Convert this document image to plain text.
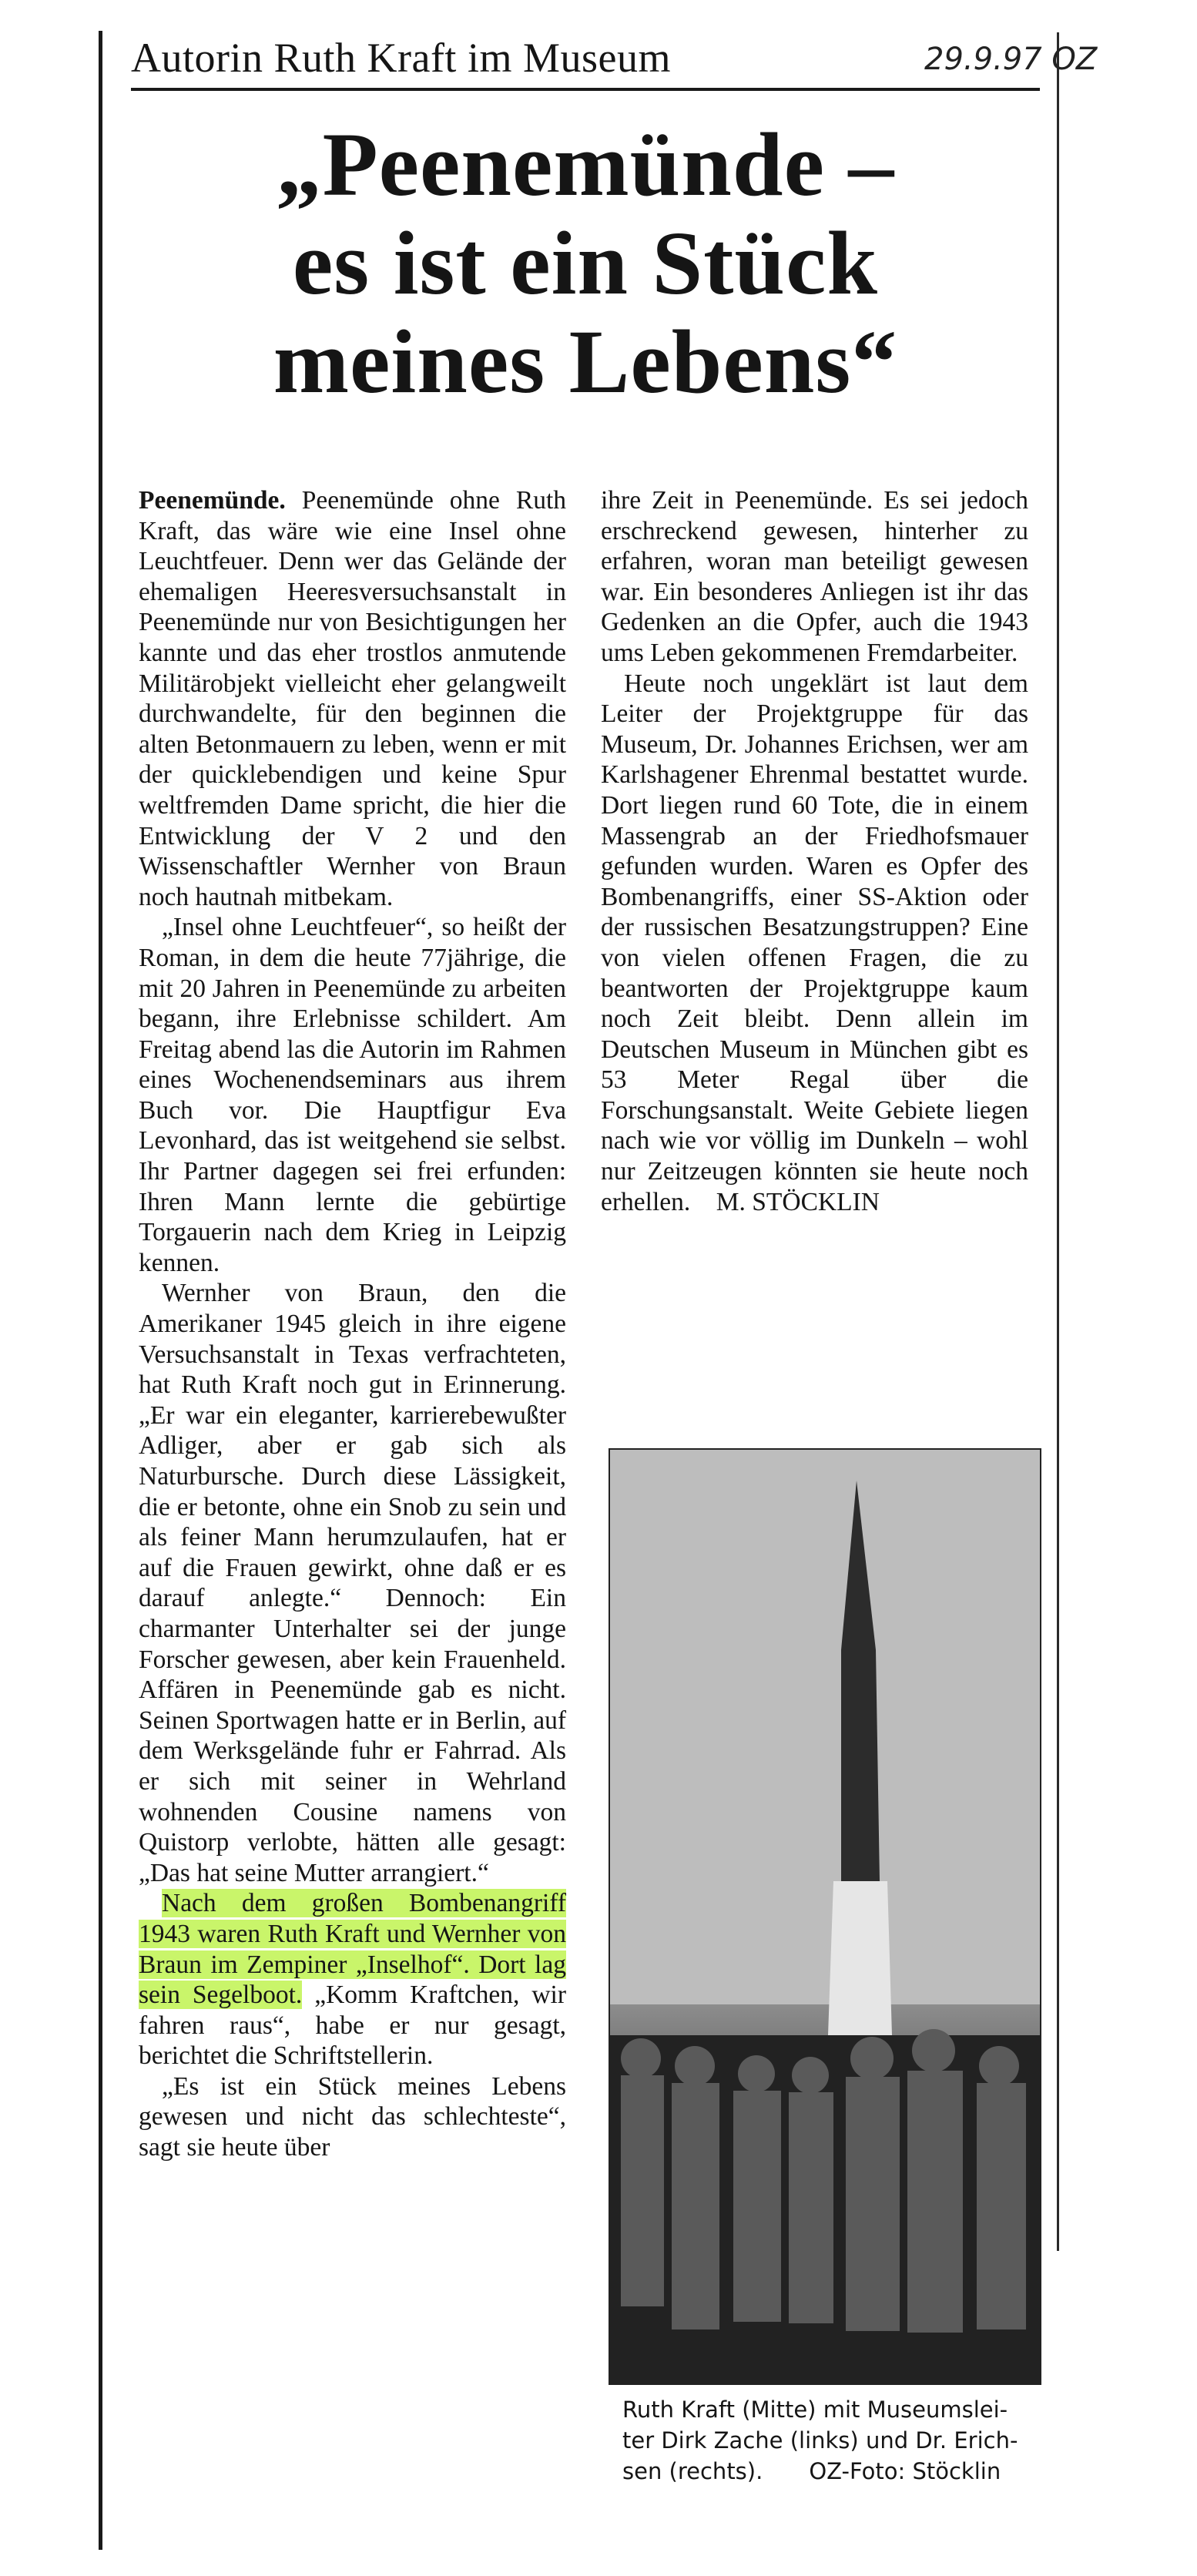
Autorin Ruth Kraft im Museum	29.9.97 OZ
„Peenemünde –
es ist ein Stück
meines Lebens“

Peenemünde. Peenemünde ohne Ruth Kraft, das wäre wie eine Insel ohne Leuchtfeuer. Denn wer das Gelände der ehemaligen Heeresversuchsanstalt in Peenemünde nur von Besichtigungen her kannte und das eher trostlos anmutende Militärobjekt vielleicht eher gelangweilt durchwandelte, für den beginnen die alten Betonmauern zu leben, wenn er mit der quicklebendigen und keine Spur weltfremden Dame spricht, die hier die Entwicklung der V 2 und den Wissenschaftler Wernher von Braun noch hautnah mitbekam.

„Insel ohne Leuchtfeuer“, so heißt der Roman, in dem die heute 77jährige, die mit 20 Jahren in Peenemünde zu arbeiten begann, ihre Erlebnisse schildert. Am Freitag abend las die Autorin im Rahmen eines Wochenendseminars aus ihrem Buch vor. Die Hauptfigur Eva Levonhard, das ist weitgehend sie selbst. Ihr Partner dagegen sei frei erfunden: Ihren Mann lernte die gebürtige Torgauerin nach dem Krieg in Leipzig kennen.

Wernher von Braun, den die Amerikaner 1945 gleich in ihre eigene Versuchsanstalt in Texas verfrachteten, hat Ruth Kraft noch gut in Erinnerung. „Er war ein eleganter, karrierebewußter Adliger, aber er gab sich als Naturbursche. Durch diese Lässigkeit, die er betonte, ohne ein Snob zu sein und als feiner Mann herumzulaufen, hat er auf die Frauen gewirkt, ohne daß er es darauf anlegte.“ Dennoch: Ein charmanter Unterhalter sei der junge Forscher gewesen, aber kein Frauenheld. Affären in Peenemünde gab es nicht. Seinen Sportwagen hatte er in Berlin, auf dem Werksgelände fuhr er Fahrrad. Als er sich mit seiner in Wehrland wohnenden Cousine namens von Quistorp verlobte, hätten alle gesagt: „Das hat seine Mutter arrangiert.“

Nach dem großen Bombenangriff 1943 waren Ruth Kraft und Wernher von Braun im Zempiner „Inselhof“. Dort lag sein Segelboot. „Komm Kraftchen, wir fahren raus“, habe er nur gesagt, berichtet die Schriftstellerin.

„Es ist ein Stück meines Lebens gewesen und nicht das schlechteste“, sagt sie heute über

ihre Zeit in Peenemünde. Es sei jedoch erschreckend gewesen, hinterher zu erfahren, woran man beteiligt gewesen war. Ein besonderes Anliegen ist ihr das Gedenken an die Opfer, auch die 1943 ums Leben gekommenen Fremdarbeiter.

Heute noch ungeklärt ist laut dem Leiter der Projektgruppe für das Museum, Dr. Johannes Erichsen, wer am Karlshagener Ehrenmal bestattet wurde. Dort liegen rund 60 Tote, die in einem Massengrab an der Friedhofsmauer gefunden wurden. Waren es Opfer des Bombenangriffs, einer SS-Aktion oder der russischen Besatzungstruppen? Eine von vielen offenen Fragen, die zu beantworten der Projektgruppe kaum noch Zeit bleibt. Denn allein im Deutschen Museum in München gibt es 53 Meter Regal über die Forschungsanstalt. Weite Gebiete liegen nach wie vor völlig im Dunkeln – wohl nur Zeitzeugen könnten sie heute noch erhellen. M. STÖCKLIN

Ruth Kraft (Mitte) mit Museumslei-
ter Dirk Zache (links) und Dr. Erich-
sen (rechts). OZ-Foto: Stöcklin
